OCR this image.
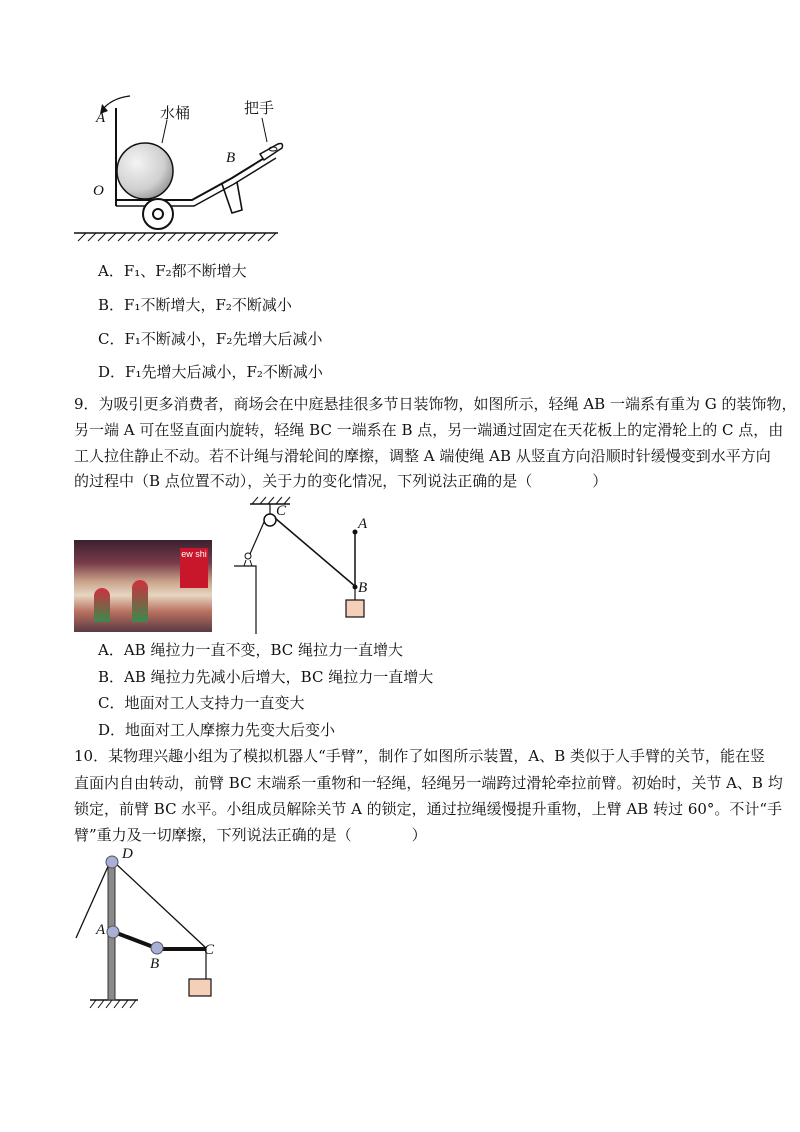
A
O
B
水桶	把手
A．F₁、F₂都不断增大
B．F₁不断增大，F₂不断减小
C．F₁不断减小，F₂先增大后减小
D．F₁先增大后减小，F₂不断减小
9．为吸引更多消费者，商场会在中庭悬挂很多节日装饰物，如图所示，轻绳 AB 一端系有重为 G 的装饰物，
另一端 A 可在竖直面内旋转，轻绳 BC 一端系在 B 点，另一端通过固定在天花板上的定滑轮上的 C 点，由
工人拉住静止不动。若不计绳与滑轮间的摩擦，调整 A 端使绳 AB 从竖直方向沿顺时针缓慢变到水平方向
的过程中（B 点位置不动），关于力的变化情况，下列说法正确的是（　　　　）
ew shi
C
A
B
A．AB 绳拉力一直不变，BC 绳拉力一直增大
B．AB 绳拉力先减小后增大，BC 绳拉力一直增大
C．地面对工人支持力一直变大
D．地面对工人摩擦力先变大后变小
10．某物理兴趣小组为了模拟机器人“手臂”，制作了如图所示装置，A、B 类似于人手臂的关节，能在竖
直面内自由转动，前臂 BC 末端系一重物和一轻绳，轻绳另一端跨过滑轮牵拉前臂。初始时，关节 A、B 均
锁定，前臂 BC 水平。小组成员解除关节 A 的锁定，通过拉绳缓慢提升重物，上臂 AB 转过 60°。不计“手
臂”重力及一切摩擦，下列说法正确的是（　　　　）
D
A
B
C
